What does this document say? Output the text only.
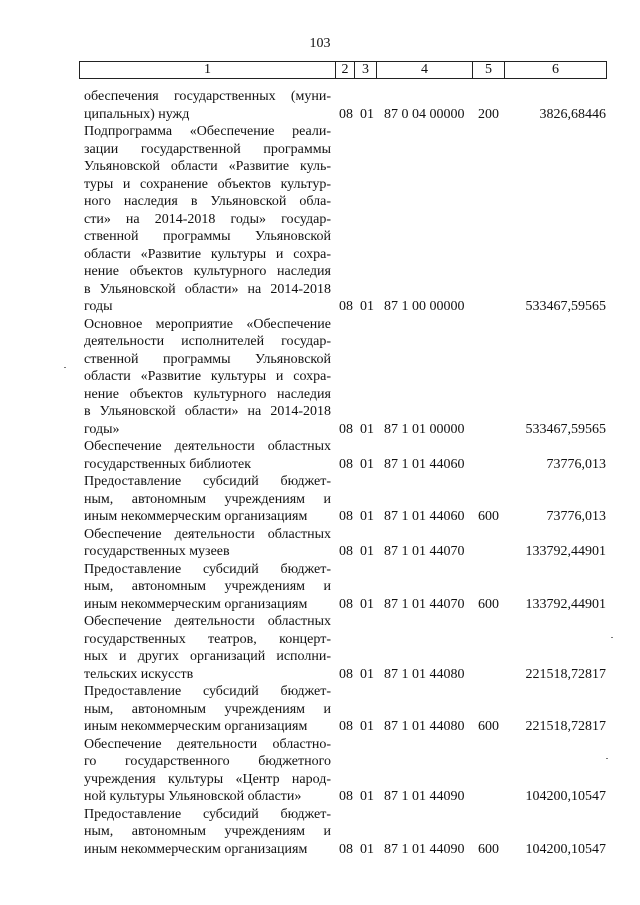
103
1	2 3	4	5	6
обеспечения государственных (муни-
ципальных) нужд	08 01 87 0 04 00000 200	3826,68446
Подпрограмма «Обеспечение реали-
зации государственной программы
Ульяновской области «Развитие куль-
туры и сохранение объектов культур-
ного наследия в Ульяновской обла-
сти» на 2014-2018 годы» государ-
ственной программы Ульяновской
области «Развитие культуры и сохра-
нение объектов культурного наследия
в Ульяновской области» на 2014-2018
годы	08 01 87 1 00 00000	533467,59565
Основное мероприятие «Обеспечение
деятельности исполнителей государ-
ственной программы Ульяновской
области «Развитие культуры и сохра-
нение объектов культурного наследия
в Ульяновской области» на 2014-2018
годы»	08 01 87 1 01 00000	533467,59565
Обеспечение деятельности областных
государственных библиотек	08 01 87 1 01 44060	73776,013
Предоставление субсидий бюджет-
ным, автономным учреждениям и
иным некоммерческим организациям	08 01 87 1 01 44060 600	73776,013
Обеспечение деятельности областных
государственных музеев	08 01 87 1 01 44070	133792,44901
Предоставление субсидий бюджет-
ным, автономным учреждениям и
иным некоммерческим организациям	08 01 87 1 01 44070 600	133792,44901
Обеспечение деятельности областных
государственных театров, концерт-
ных и других организаций исполни-
тельских искусств	08 01 87 1 01 44080	221518,72817
Предоставление субсидий бюджет-
ным, автономным учреждениям и
иным некоммерческим организациям	08 01 87 1 01 44080 600	221518,72817
Обеспечение деятельности областно-
го государственного бюджетного
учреждения культуры «Центр народ-
ной культуры Ульяновской области»	08 01 87 1 01 44090	104200,10547
Предоставление субсидий бюджет-
ным, автономным учреждениям и
иным некоммерческим организациям	08 01 87 1 01 44090 600	104200,10547
